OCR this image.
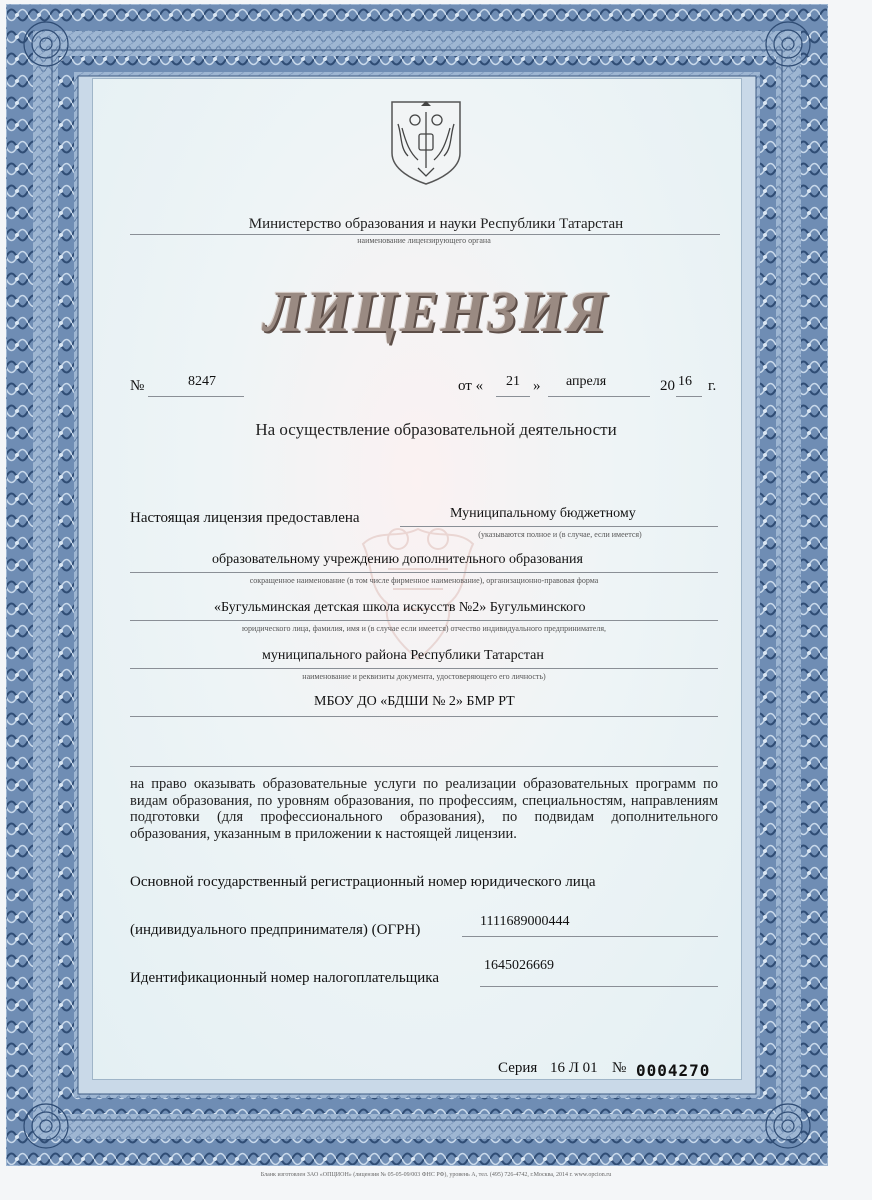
Министерство образования и науки Республики Татарстан
наименование лицензирующего органа
ЛИЦЕНЗИЯ
№	8247	от « 21 » апреля	20 16 г.
На осуществление образовательной деятельности
Настоящая лицензия предоставлена	Муниципальному бюджетному
(указываются полное и (в случае, если имеется)
образовательному учреждению дополнительного образования
сокращенное наименование (в том числе фирменное наименование), организационно-правовая форма
«Бугульминская детская школа искусств №2» Бугульминского
юридического лица, фамилия, имя и (в случае если имеется) отчество индивидуального предпринимателя,
муниципального района Республики Татарстан
наименование и реквизиты документа, удостоверяющего его личность)
МБОУ ДО «БДШИ № 2» БМР РТ
на право оказывать образовательные услуги по реализации образовательных программ по видам образования, по уровням образования, по профессиям, специальностям, направлениям подготовки (для профессионального образования), по подвидам дополнительного образования, указанным в приложении к настоящей лицензии.
Основной государственный регистрационный номер юридического лица
(индивидуального предпринимателя) (ОГРН)
1111689000444
Идентификационный номер налогоплательщика
1645026669
Серия 16 Л 01 № 0004270
Бланк изготовлен ЗАО «ОПЦИОН» (лицензия № 05-05-09/003 ФНС РФ), уровень А, тел. (495) 726-4742, г.Москва, 2014 г. www.opcion.ru
